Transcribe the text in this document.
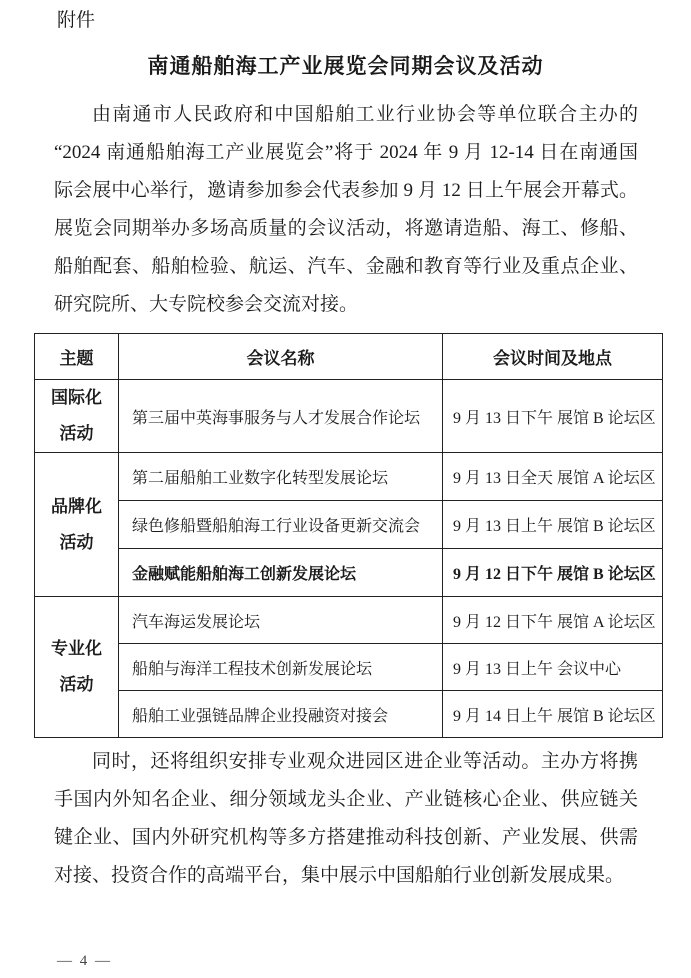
附件
南通船舶海工产业展览会同期会议及活动
由南通市人民政府和中国船舶工业行业协会等单位联合主办的
“2024 南通船舶海工产业展览会”将于 2024 年 9 月 12-14 日在南通国
际会展中心举行，邀请参加参会代表参加 9 月 12 日上午展会开幕式。
展览会同期举办多场高质量的会议活动，将邀请造船、海工、修船、
船舶配套、船舶检验、航运、汽车、金融和教育等行业及重点企业、
研究院所、大专院校参会交流对接。
主题	会议名称	会议时间及地点

国际化
活动	第三届中英海事服务与人才发展合作论坛	9 月 13 日下午 展馆 B 论坛区

品牌化
活动	第二届船舶工业数字化转型发展论坛	9 月 13 日全天 展馆 A 论坛区
	绿色修船暨船舶海工行业设备更新交流会	9 月 13 日上午 展馆 B 论坛区
	金融赋能船舶海工创新发展论坛	9 月 12 日下午 展馆 B 论坛区

专业化
活动	汽车海运发展论坛	9 月 12 日下午 展馆 A 论坛区
	船舶与海洋工程技术创新发展论坛	9 月 13 日上午 会议中心
	船舶工业强链品牌企业投融资对接会	9 月 14 日上午 展馆 B 论坛区
同时，还将组织安排专业观众进园区进企业等活动。主办方将携
手国内外知名企业、细分领域龙头企业、产业链核心企业、供应链关
键企业、国内外研究机构等多方搭建推动科技创新、产业发展、供需
对接、投资合作的高端平台，集中展示中国船舶行业创新发展成果。
— 4 —
